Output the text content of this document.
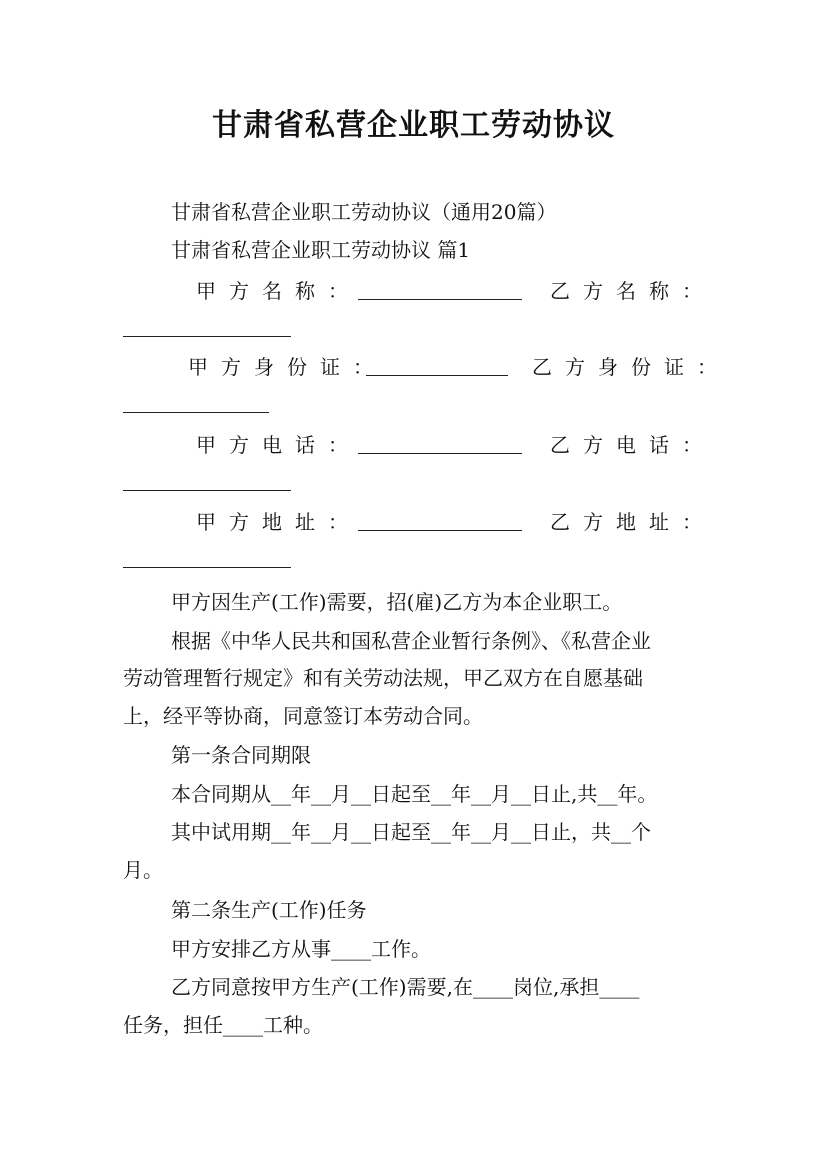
甘肃省私营企业职工劳动协议

甘肃省私营企业职工劳动协议（通用20篇）

甘肃省私营企业职工劳动协议 篇1

甲方名称：	乙方名称：
甲方身份证：	乙方身份证：
甲方电话：	乙方电话：
甲方地址：	乙方地址：

甲方因生产(工作)需要，招(雇)乙方为本企业职工。

根据《中华人民共和国私营企业暂行条例》、《私营企业

劳动管理暂行规定》和有关劳动法规，甲乙双方在自愿基础

上，经平等协商，同意签订本劳动合同。

第一条合同期限

本合同期从__年__月__日起至__年__月__日止,共__年。

其中试用期__年__月__日起至__年__月__日止，共__个

月。

第二条生产(工作)任务

甲方安排乙方从事____工作。

乙方同意按甲方生产(工作)需要,在____岗位,承担____

任务，担任____工种。
